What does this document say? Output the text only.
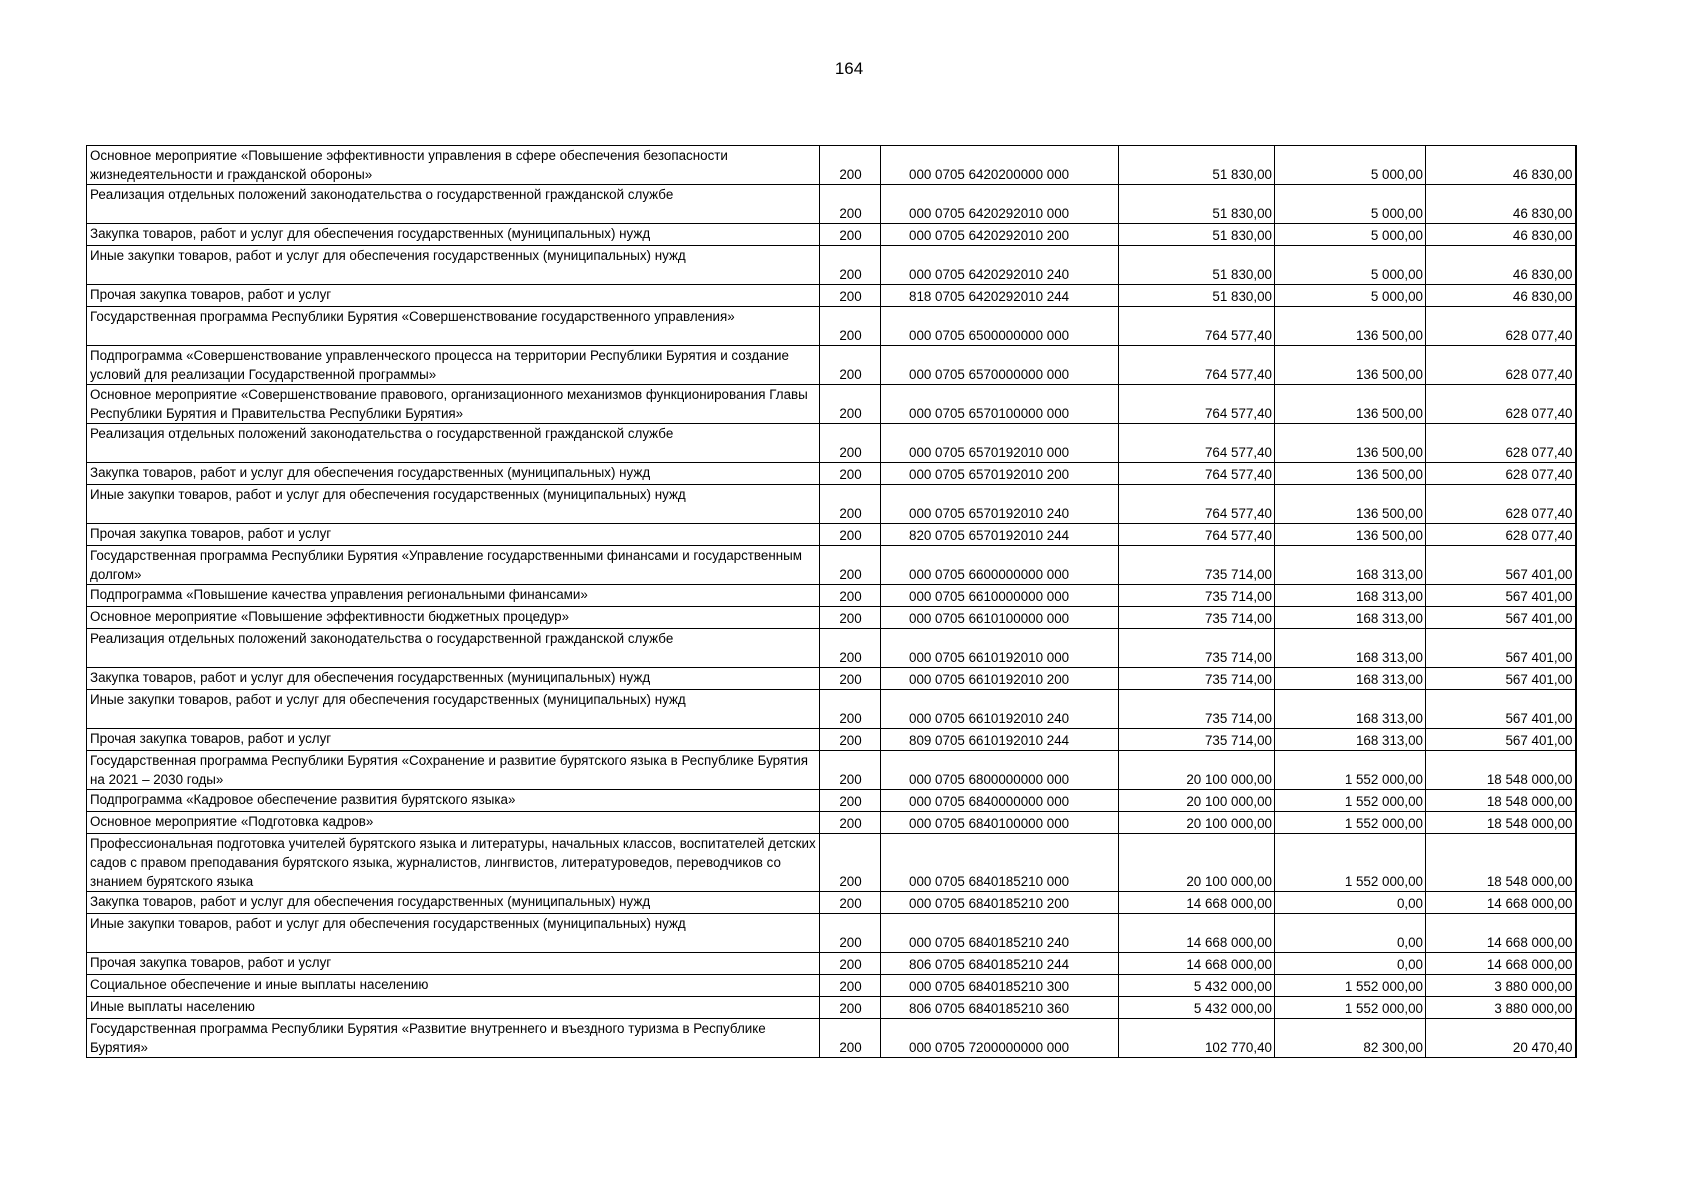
164
Основное мероприятие «Повышение эффективности управления в сфере обеспечения безопасности жизнедеятельности и гражданской обороны»	200	000 0705 6420200000 000	51 830,00	5 000,00	46 830,00
Реализация отдельных положений законодательства о государственной гражданской службе	200	000 0705 6420292010 000	51 830,00	5 000,00	46 830,00
Закупка товаров, работ и услуг для обеспечения государственных (муниципальных) нужд	200	000 0705 6420292010 200	51 830,00	5 000,00	46 830,00
Иные закупки товаров, работ и услуг для обеспечения государственных (муниципальных) нужд	200	000 0705 6420292010 240	51 830,00	5 000,00	46 830,00
Прочая закупка товаров, работ и услуг	200	818 0705 6420292010 244	51 830,00	5 000,00	46 830,00
Государственная программа Республики Бурятия «Совершенствование государственного управления»	200	000 0705 6500000000 000	764 577,40	136 500,00	628 077,40
Подпрограмма «Совершенствование управленческого процесса на территории Республики Бурятия и создание условий для реализации Государственной программы»	200	000 0705 6570000000 000	764 577,40	136 500,00	628 077,40
Основное мероприятие «Совершенствование правового, организационного механизмов функционирования Главы Республики Бурятия и Правительства Республики Бурятия»	200	000 0705 6570100000 000	764 577,40	136 500,00	628 077,40
Реализация отдельных положений законодательства о государственной гражданской службе	200	000 0705 6570192010 000	764 577,40	136 500,00	628 077,40
Закупка товаров, работ и услуг для обеспечения государственных (муниципальных) нужд	200	000 0705 6570192010 200	764 577,40	136 500,00	628 077,40
Иные закупки товаров, работ и услуг для обеспечения государственных (муниципальных) нужд	200	000 0705 6570192010 240	764 577,40	136 500,00	628 077,40
Прочая закупка товаров, работ и услуг	200	820 0705 6570192010 244	764 577,40	136 500,00	628 077,40
Государственная программа Республики Бурятия «Управление государственными финансами и государственным долгом»	200	000 0705 6600000000 000	735 714,00	168 313,00	567 401,00
Подпрограмма «Повышение качества управления региональными финансами»	200	000 0705 6610000000 000	735 714,00	168 313,00	567 401,00
Основное мероприятие «Повышение эффективности бюджетных процедур»	200	000 0705 6610100000 000	735 714,00	168 313,00	567 401,00
Реализация отдельных положений законодательства о государственной гражданской службе	200	000 0705 6610192010 000	735 714,00	168 313,00	567 401,00
Закупка товаров, работ и услуг для обеспечения государственных (муниципальных) нужд	200	000 0705 6610192010 200	735 714,00	168 313,00	567 401,00
Иные закупки товаров, работ и услуг для обеспечения государственных (муниципальных) нужд	200	000 0705 6610192010 240	735 714,00	168 313,00	567 401,00
Прочая закупка товаров, работ и услуг	200	809 0705 6610192010 244	735 714,00	168 313,00	567 401,00
Государственная программа Республики Бурятия «Сохранение и развитие бурятского языка в Республике Бурятия на 2021 – 2030 годы»	200	000 0705 6800000000 000	20 100 000,00	1 552 000,00	18 548 000,00
Подпрограмма «Кадровое обеспечение развития бурятского языка»	200	000 0705 6840000000 000	20 100 000,00	1 552 000,00	18 548 000,00
Основное мероприятие «Подготовка кадров»	200	000 0705 6840100000 000	20 100 000,00	1 552 000,00	18 548 000,00
Профессиональная подготовка учителей бурятского языка и литературы, начальных классов, воспитателей детских садов с правом преподавания бурятского языка, журналистов, лингвистов, литературоведов, переводчиков со знанием бурятского языка	200	000 0705 6840185210 000	20 100 000,00	1 552 000,00	18 548 000,00
Закупка товаров, работ и услуг для обеспечения государственных (муниципальных) нужд	200	000 0705 6840185210 200	14 668 000,00	0,00	14 668 000,00
Иные закупки товаров, работ и услуг для обеспечения государственных (муниципальных) нужд	200	000 0705 6840185210 240	14 668 000,00	0,00	14 668 000,00
Прочая закупка товаров, работ и услуг	200	806 0705 6840185210 244	14 668 000,00	0,00	14 668 000,00
Социальное обеспечение и иные выплаты населению	200	000 0705 6840185210 300	5 432 000,00	1 552 000,00	3 880 000,00
Иные выплаты населению	200	806 0705 6840185210 360	5 432 000,00	1 552 000,00	3 880 000,00
Государственная программа Республики Бурятия «Развитие внутреннего и въездного туризма в Республике Бурятия»	200	000 0705 7200000000 000	102 770,40	82 300,00	20 470,40
